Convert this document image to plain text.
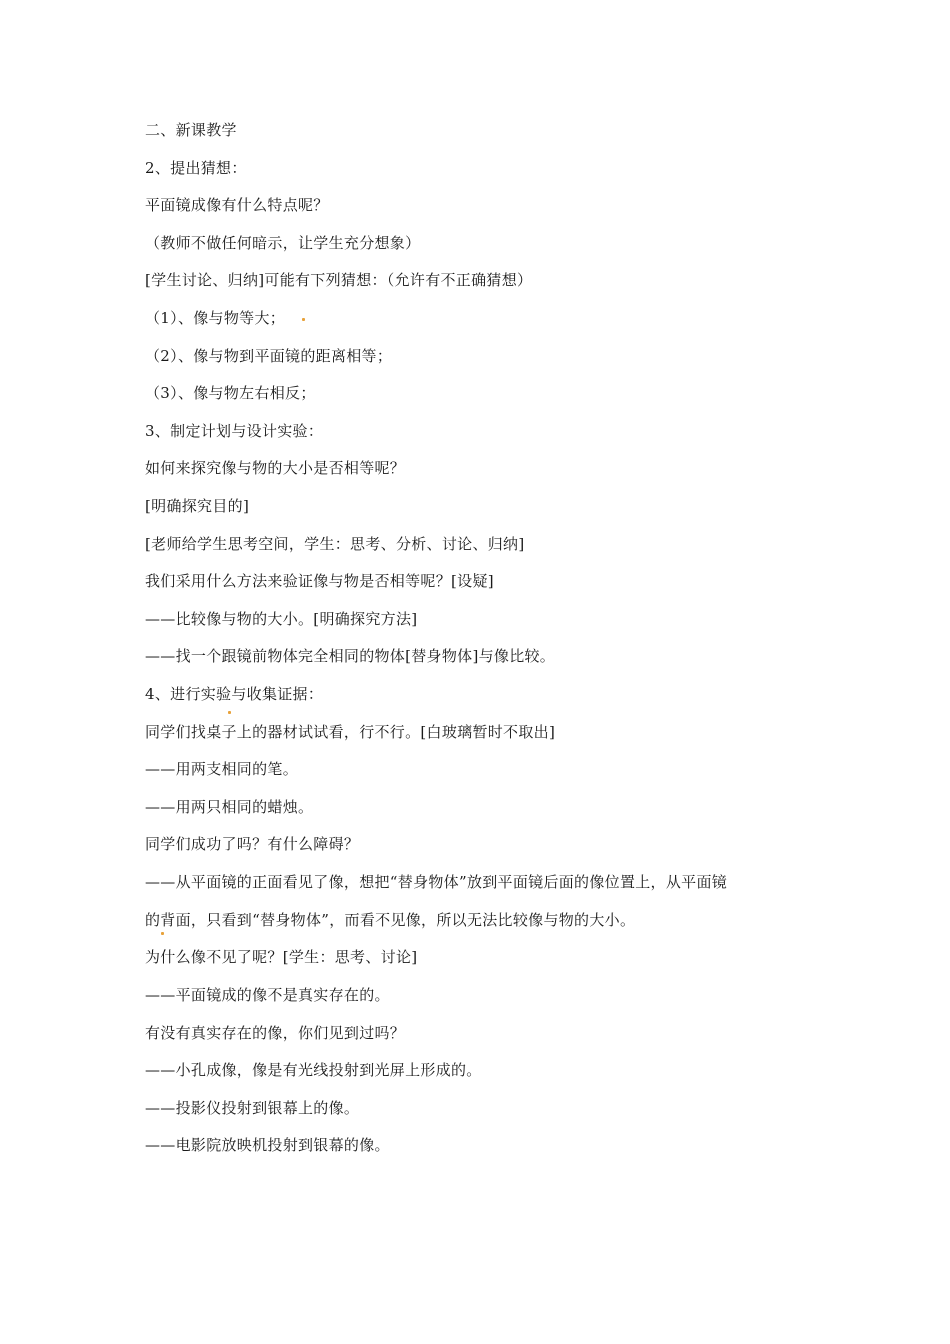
二、新课教学
2、提出猜想：
平面镜成像有什么特点呢？
（教师不做任何暗示，让学生充分想象）
[学生讨论、归纳]可能有下列猜想：（允许有不正确猜想）
（1）、像与物等大；
（2）、像与物到平面镜的距离相等；
（3）、像与物左右相反；
3、制定计划与设计实验：
如何来探究像与物的大小是否相等呢？
[明确探究目的]
[老师给学生思考空间，学生：思考、分析、讨论、归纳]
我们采用什么方法来验证像与物是否相等呢？[设疑]
——比较像与物的大小。[明确探究方法]
——找一个跟镜前物体完全相同的物体[替身物体]与像比较。
4、进行实验与收集证据：
同学们找桌子上的器材试试看，行不行。[白玻璃暂时不取出]
——用两支相同的笔。
——用两只相同的蜡烛。
同学们成功了吗？有什么障碍？
——从平面镜的正面看见了像，想把“替身物体”放到平面镜后面的像位置上，从平面镜
的背面，只看到“替身物体”，而看不见像，所以无法比较像与物的大小。
为什么像不见了呢？[学生：思考、讨论]
——平面镜成的像不是真实存在的。
有没有真实存在的像，你们见到过吗？
——小孔成像，像是有光线投射到光屏上形成的。
——投影仪投射到银幕上的像。
——电影院放映机投射到银幕的像。
